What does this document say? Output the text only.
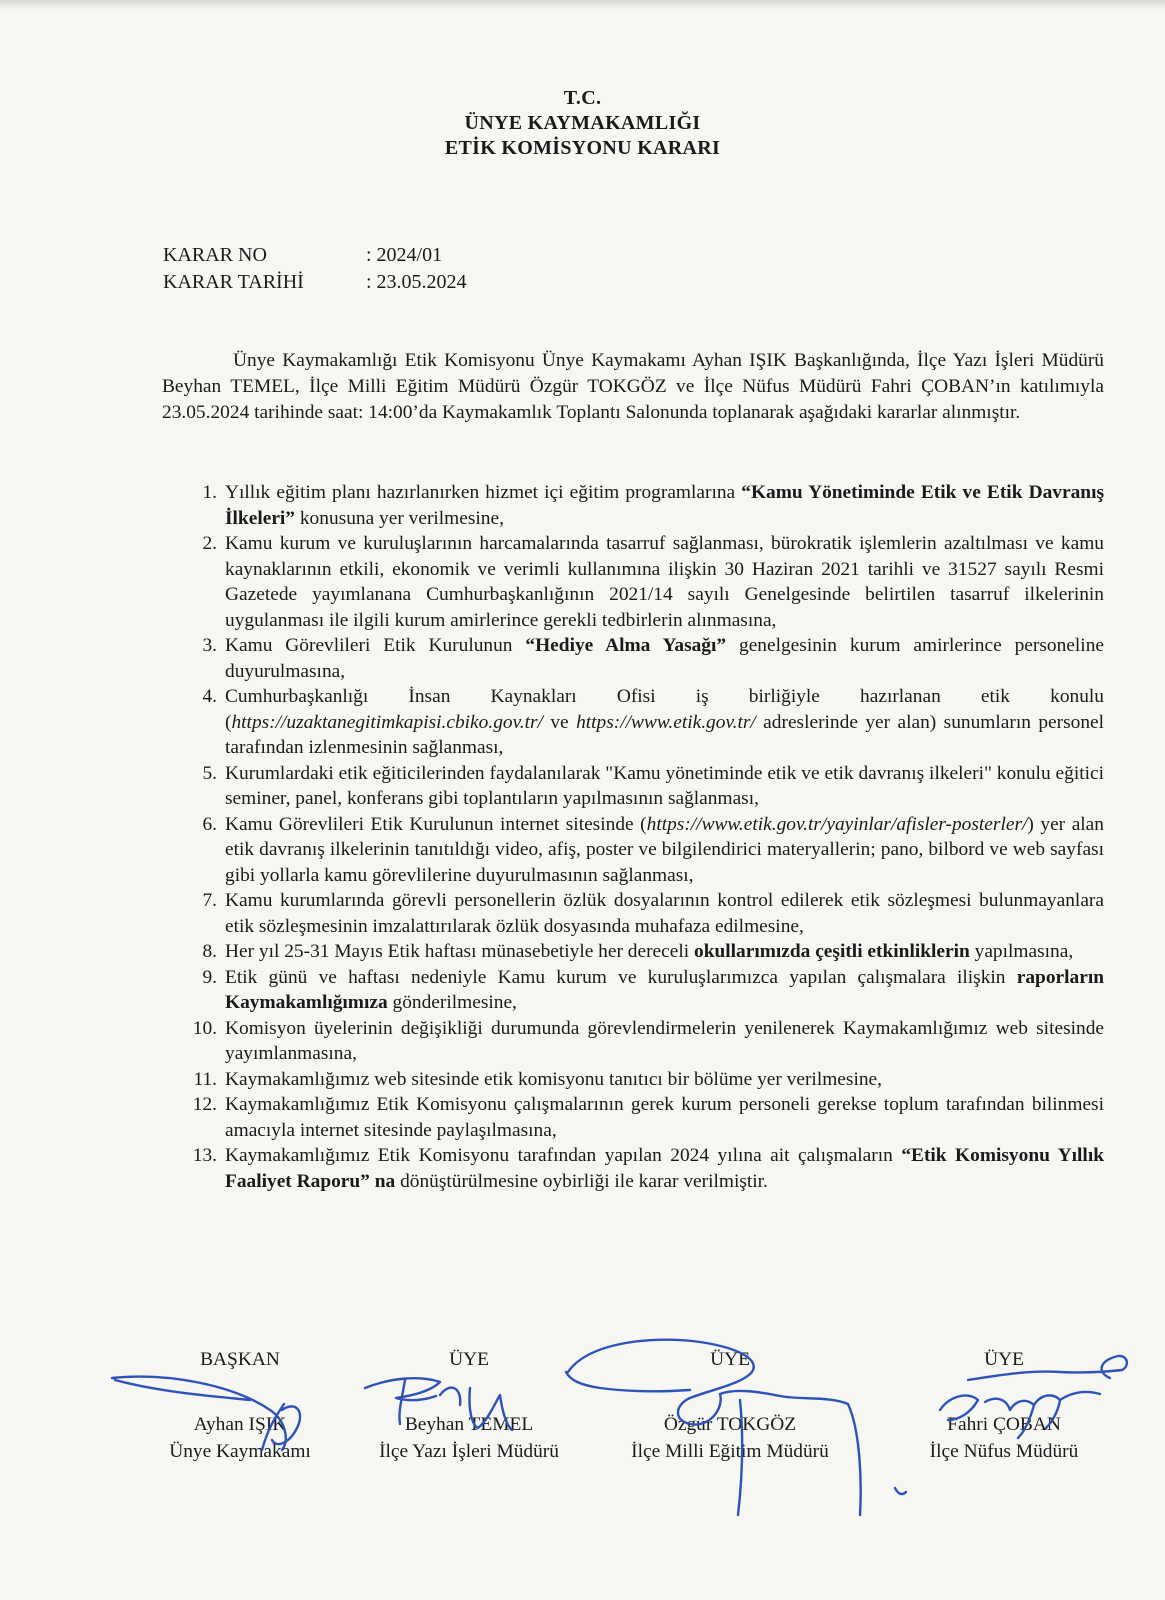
T.C.
ÜNYE KAYMAKAMLIĞI
ETİK KOMİSYONU KARARI
KARAR NO	: 2024/01
KARAR TARİHİ	: 23.05.2024

Ünye Kaymakamlığı Etik Komisyonu Ünye Kaymakamı Ayhan IŞIK Başkanlığında, İlçe Yazı İşleri Müdürü Beyhan TEMEL, İlçe Milli Eğitim Müdürü Özgür TOKGÖZ ve İlçe Nüfus Müdürü Fahri ÇOBAN’ın katılımıyla 23.05.2024 tarihinde saat: 14:00’da Kaymakamlık Toplantı Salonunda toplanarak aşağıdaki kararlar alınmıştır.

1. Yıllık eğitim planı hazırlanırken hizmet içi eğitim programlarına “Kamu Yönetiminde Etik ve Etik Davranış İlkeleri” konusuna yer verilmesine,
2. Kamu kurum ve kuruluşlarının harcamalarında tasarruf sağlanması, bürokratik işlemlerin azaltılması ve kamu kaynaklarının etkili, ekonomik ve verimli kullanımına ilişkin 30 Haziran 2021 tarihli ve 31527 sayılı Resmi Gazetede yayımlanana Cumhurbaşkanlığının 2021/14 sayılı Genelgesinde belirtilen tasarruf ilkelerinin uygulanması ile ilgili kurum amirlerince gerekli tedbirlerin alınmasına,
3. Kamu Görevlileri Etik Kurulunun “Hediye Alma Yasağı” genelgesinin kurum amirlerince personeline duyurulmasına,
4. Cumhurbaşkanlığı İnsan Kaynakları Ofisi iş birliğiyle hazırlanan etik konulu (https://uzaktanegitimkapisi.cbiko.gov.tr/ ve https://www.etik.gov.tr/ adreslerinde yer alan) sunumların personel tarafından izlenmesinin sağlanması,
5. Kurumlardaki etik eğiticilerinden faydalanılarak "Kamu yönetiminde etik ve etik davranış ilkeleri" konulu eğitici seminer, panel, konferans gibi toplantıların yapılmasının sağlanması,
6. Kamu Görevlileri Etik Kurulunun internet sitesinde (https://www.etik.gov.tr/yayinlar/afisler-posterler/) yer alan etik davranış ilkelerinin tanıtıldığı video, afiş, poster ve bilgilendirici materyallerin; pano, bilbord ve web sayfası gibi yollarla kamu görevlilerine duyurulmasının sağlanması,
7. Kamu kurumlarında görevli personellerin özlük dosyalarının kontrol edilerek etik sözleşmesi bulunmayanlara etik sözleşmesinin imzalattırılarak özlük dosyasında muhafaza edilmesine,
8. Her yıl 25-31 Mayıs Etik haftası münasebetiyle her dereceli okullarımızda çeşitli etkinliklerin yapılmasına,
9. Etik günü ve haftası nedeniyle Kamu kurum ve kuruluşlarımızca yapılan çalışmalara ilişkin raporların Kaymakamlığımıza gönderilmesine,
10. Komisyon üyelerinin değişikliği durumunda görevlendirmelerin yenilenerek Kaymakamlığımız web sitesinde yayımlanmasına,
11. Kaymakamlığımız web sitesinde etik komisyonu tanıtıcı bir bölüme yer verilmesine,
12. Kaymakamlığımız Etik Komisyonu çalışmalarının gerek kurum personeli gerekse toplum tarafından bilinmesi amacıyla internet sitesinde paylaşılmasına,
13. Kaymakamlığımız Etik Komisyonu tarafından yapılan 2024 yılına ait çalışmaların “Etik Komisyonu Yıllık Faaliyet Raporu” na dönüştürülmesine oybirliği ile karar verilmiştir.
BAŞKAN
Ayhan IŞIK
Ünye Kaymakamı
ÜYE
Beyhan TEMEL
İlçe Yazı İşleri Müdürü
ÜYE
Özgür TOKGÖZ
İlçe Milli Eğitim Müdürü
ÜYE
Fahri ÇOBAN
İlçe Nüfus Müdürü
